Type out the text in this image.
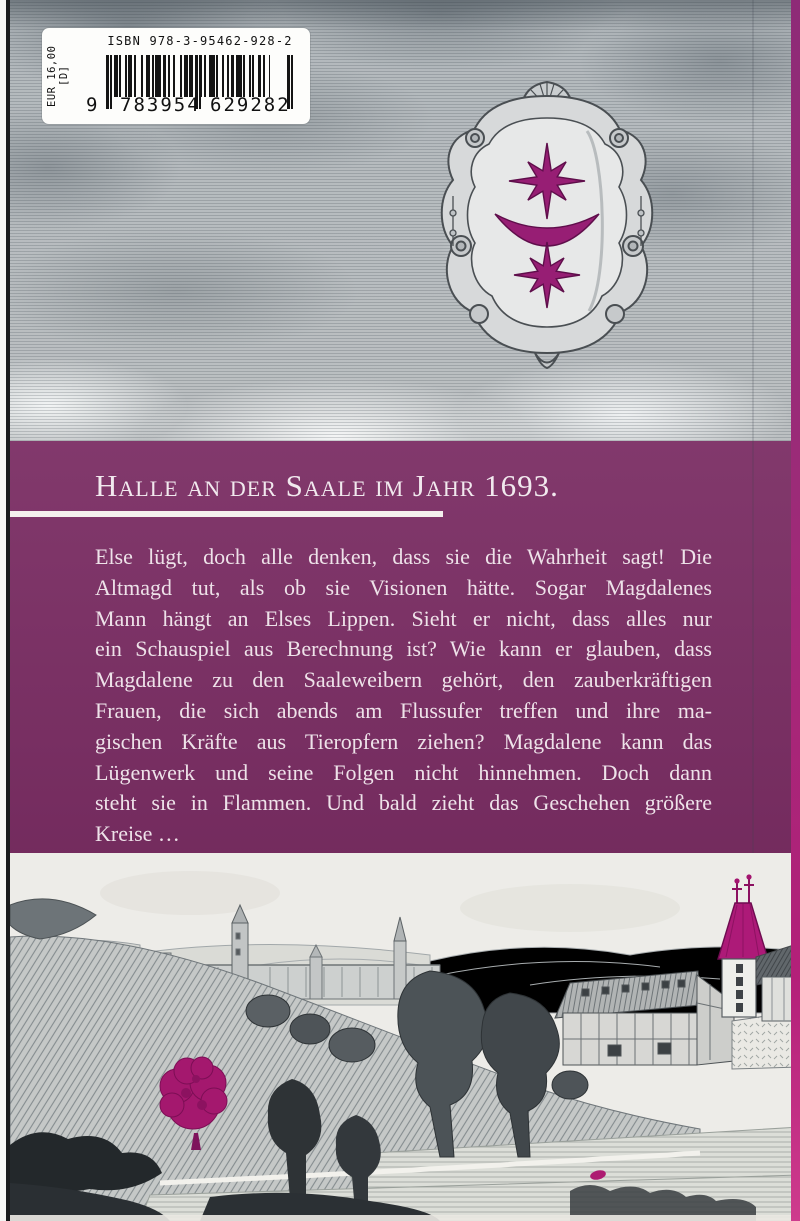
EUR 16,00 [D]
ISBN 978-3-95462-928-2
9 783954 629282
Halle an der Saale im Jahr 1693.
Else lügt, doch alle denken, dass sie die Wahrheit sagt! Die
Altmagd tut, als ob sie Visionen hätte. Sogar Magdalenes
Mann hängt an Elses Lippen. Sieht er nicht, dass alles nur
ein Schauspiel aus Berechnung ist? Wie kann er glauben, dass
Magdalene zu den Saaleweibern gehört, den zauberkräftigen
Frauen, die sich abends am Flussufer treffen und ihre ma-
gischen Kräfte aus Tieropfern ziehen? Magdalene kann das
Lügenwerk und seine Folgen nicht hinnehmen. Doch dann
steht sie in Flammen. Und bald zieht das Geschehen größere
Kreise …
